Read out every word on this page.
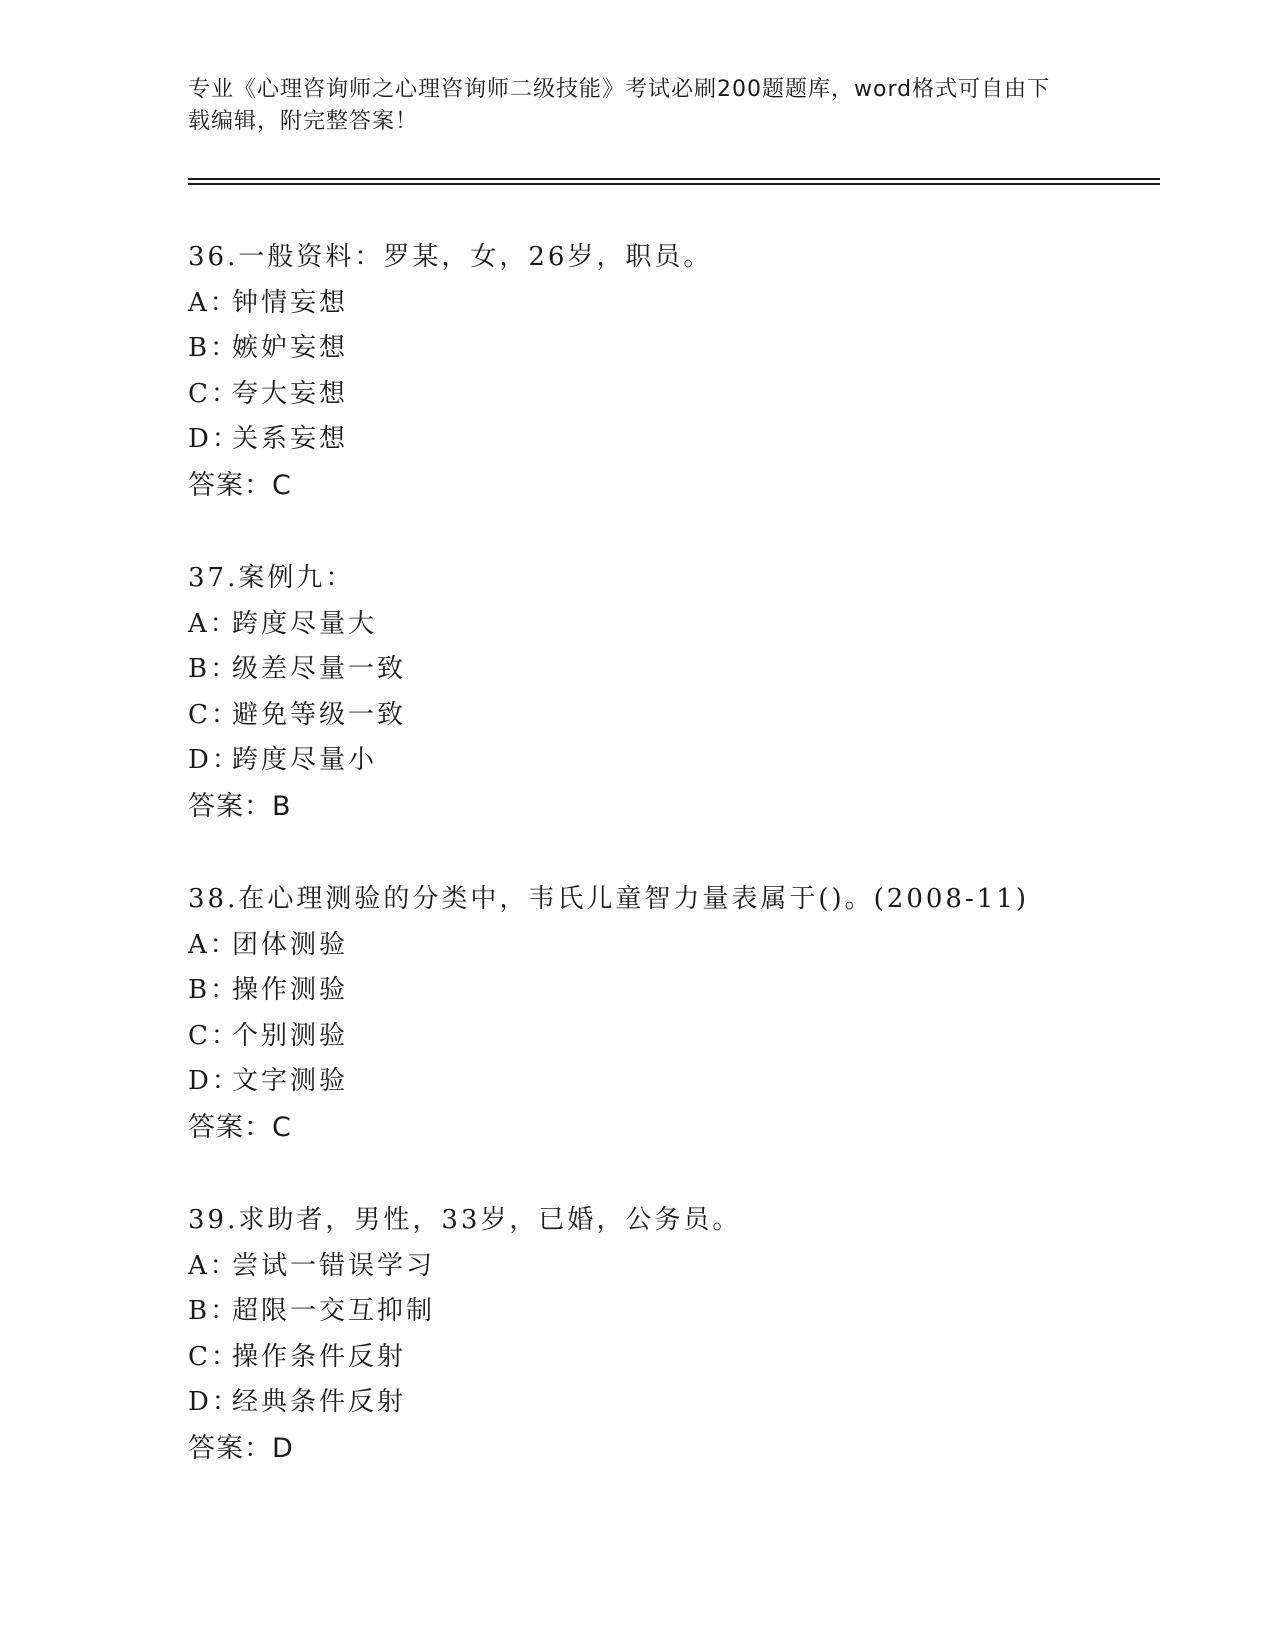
专业《心理咨询师之心理咨询师二级技能》考试必刷200题题库，word格式可自由下载编辑，附完整答案！
36.一般资料：罗某，女，26岁，职员。
A：钟情妄想
B：嫉妒妄想
C：夸大妄想
D：关系妄想
答案：C
37.案例九：
A：跨度尽量大
B：级差尽量一致
C：避免等级一致
D：跨度尽量小
答案：B
38.在心理测验的分类中，韦氏儿童智力量表属于()。(2008-11)
A：团体测验
B：操作测验
C：个别测验
D：文字测验
答案：C
39.求助者，男性，33岁，已婚，公务员。
A：尝试一错误学习
B：超限一交互抑制
C：操作条件反射
D：经典条件反射
答案：D
